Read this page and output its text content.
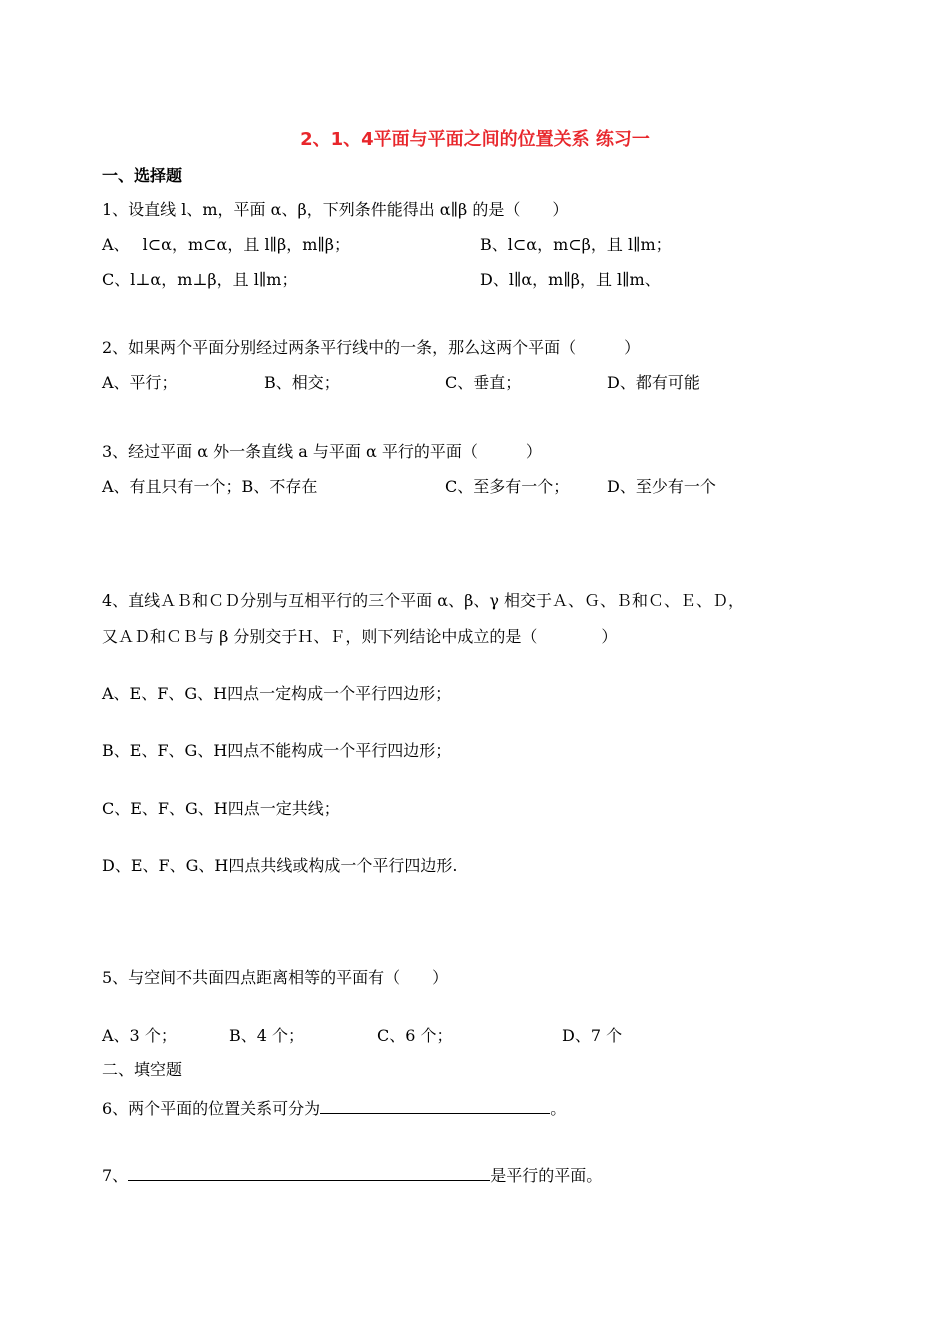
2、1、4平面与平面之间的位置关系 练习一
一、选择题
1、设直线 l、m，平面 α、β，下列条件能得出 α∥β 的是（　　）
A、　 l⊂α，m⊂α，且 l∥β，m∥β；	B、l⊂α，m⊂β，且 l∥m；
C、l⊥α，m⊥β，且 l∥m；	D、l∥α，m∥β，且 l∥m、
2、如果两个平面分别经过两条平行线中的一条，那么这两个平面（　　　）
A、平行；	B、相交；	C、垂直；	D、都有可能
3、经过平面 α 外一条直线 a 与平面 α 平行的平面（　　　）
A、有且只有一个；B、不存在	C、至多有一个； D、至少有一个
4、直线ＡＢ和ＣＤ分别与互相平行的三个平面 α、β、γ 相交于Ａ、Ｇ、Ｂ和Ｃ、Ｅ、Ｄ，
又ＡＤ和ＣＢ与 β 分别交于Ｈ、Ｆ，则下列结论中成立的是（　　　　）
A、E、F、G、H四点一定构成一个平行四边形；
B、E、F、G、H四点不能构成一个平行四边形；
C、E、F、G、H四点一定共线；
D、E、F、G、H四点共线或构成一个平行四边形.
5、与空间不共面四点距离相等的平面有（　　）
A、3 个；	B、4 个；	C、6 个；	D、7 个
二、填空题
6、两个平面的位置关系可分为	。
7、	是平行的平面。
